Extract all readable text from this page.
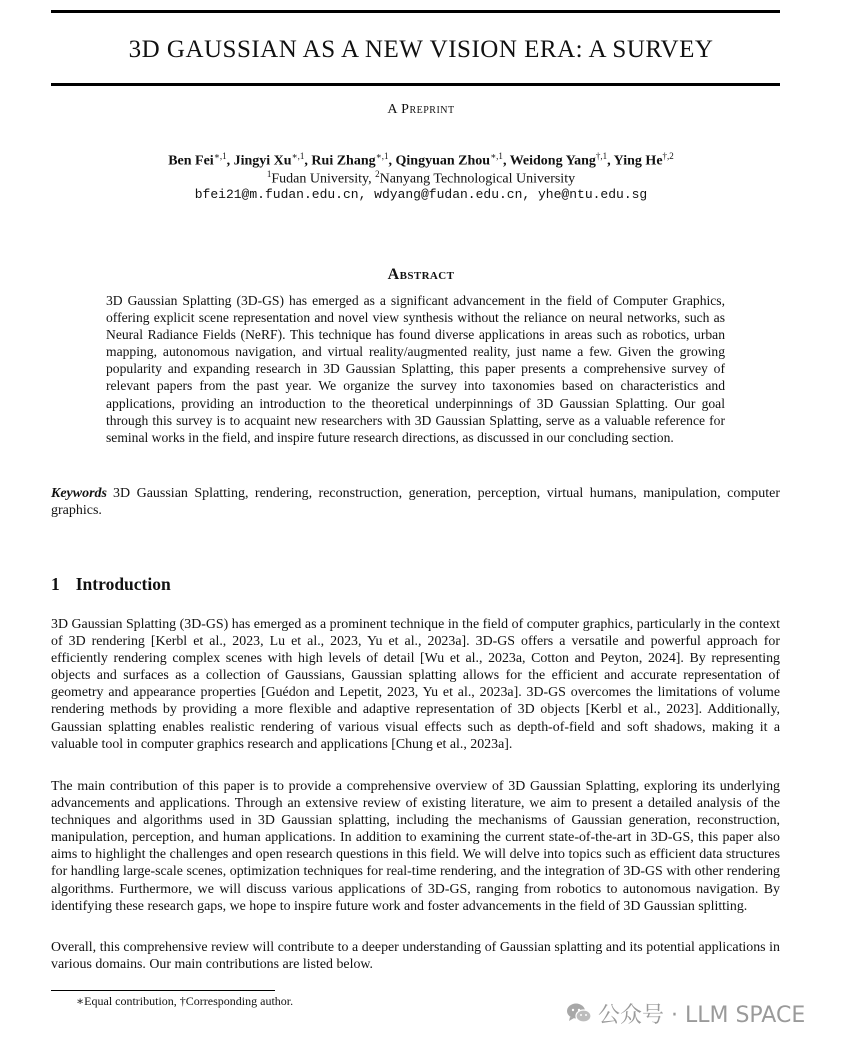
3D GAUSSIAN AS A NEW VISION ERA: A SURVEY
A Preprint
Ben Fei$^{∗,1}$, Jingyi $Xu^{∗,1}$, Rui Zhang$^{∗,1}$, Qingyuan Zhou$^{∗,1}$, Weidong Yang$^{\dagger,1}$, Ying $He^{\dagger,2}$
$^1$Fudan University, $^2$Nanyang Technological University
bfei21@m.fudan.edu.cn, wdyang@fudan.edu.cn, yhe@ntu.edu.sg
Abstract
3D Gaussian Splatting (3D-GS) has emerged as a significant advancement in the field of Computer Graphics, offering explicit scene representation and novel view synthesis without the reliance on neural networks, such as Neural Radiance Fields (NeRF). This technique has found diverse applications in areas such as robotics, urban mapping, autonomous navigation, and virtual reality/augmented reality, just name a few. Given the growing popularity and expanding research in 3D Gaussian Splatting, this paper presents a comprehensive survey of relevant papers from the past year. We organize the survey into taxonomies based on characteristics and applications, providing an introduction to the theoretical underpinnings of 3D Gaussian Splatting. Our goal through this survey is to acquaint new researchers with 3D Gaussian Splatting, serve as a valuable reference for seminal works in the field, and inspire future research directions, as discussed in our concluding section.
Keywords 3D Gaussian Splatting, rendering, reconstruction, generation, perception, virtual humans, manipulation, computer graphics.
1 Introduction
3D Gaussian Splatting (3D-GS) has emerged as a prominent technique in the field of computer graphics, particularly in the context of 3D rendering [Kerbl et al., 2023, Lu et al., 2023, Yu et al., 2023a]. 3D-GS offers a versatile and powerful approach for efficiently rendering complex scenes with high levels of detail [Wu et al., 2023a, Cotton and Peyton, 2024]. By representing objects and surfaces as a collection of Gaussians, Gaussian splatting allows for the efficient and accurate representation of geometry and appearance properties [Guédon and Lepetit, 2023, Yu et al., 2023a]. 3D-GS overcomes the limitations of volume rendering methods by providing a more flexible and adaptive representation of 3D objects [Kerbl et al., 2023]. Additionally, Gaussian splatting enables realistic rendering of various visual effects such as depth-of-field and soft shadows, making it a valuable tool in computer graphics research and applications [Chung et al., 2023a].
The main contribution of this paper is to provide a comprehensive overview of 3D Gaussian Splatting, exploring its underlying advancements and applications. Through an extensive review of existing literature, we aim to present a detailed analysis of the techniques and algorithms used in 3D Gaussian splatting, including the mechanisms of Gaussian generation, reconstruction, manipulation, perception, and human applications. In addition to examining the current state-of-the-art in 3D-GS, this paper also aims to highlight the challenges and open research questions in this field. We will delve into topics such as efficient data structures for handling large-scale scenes, optimization techniques for real-time rendering, and the integration of 3D-GS with other rendering algorithms. Furthermore, we will discuss various applications of 3D-GS, ranging from robotics to autonomous navigation. By identifying these research gaps, we hope to inspire future work and foster advancements in the field of 3D Gaussian splitting.
Overall, this comprehensive review will contribute to a deeper understanding of Gaussian splatting and its potential applications in various domains. Our main contributions are listed below.
∗Equal contribution, †Corresponding author.
公众号 · LLM SPACE
